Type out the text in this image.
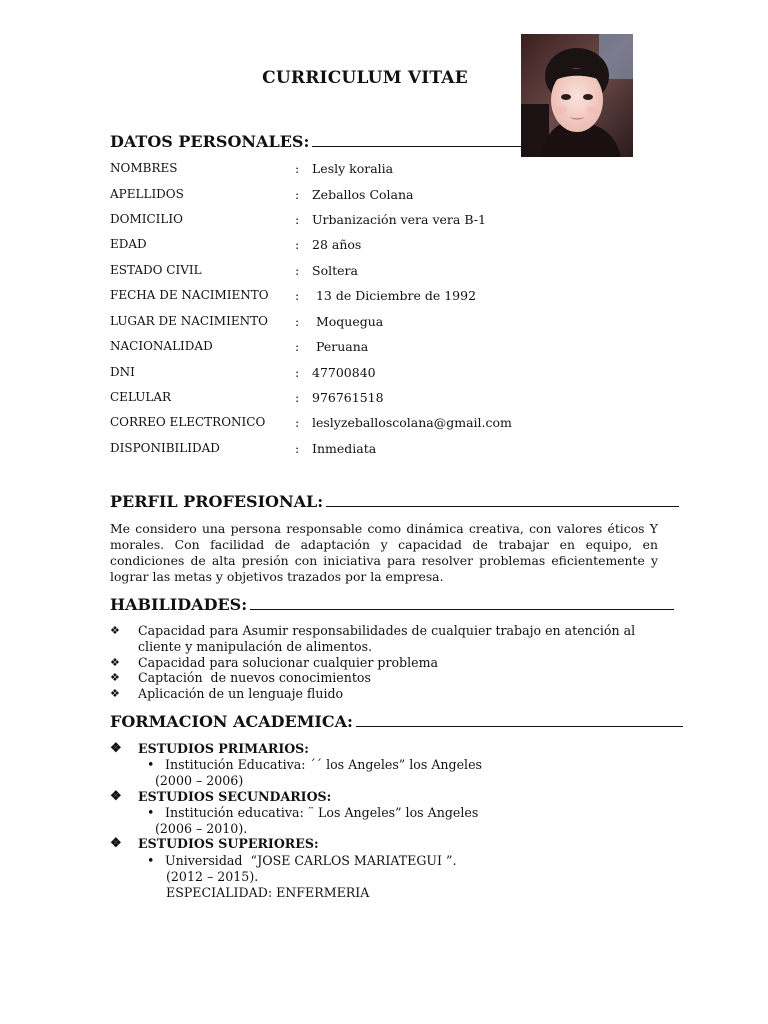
CURRICULUM VITAE
DATOS PERSONALES:
NOMBRES	: Lesly koralia
APELLIDOS	: Zeballos Colana
DOMICILIO	: Urbanización vera vera B-1
EDAD	: 28 años
ESTADO CIVIL	: Soltera
FECHA DE NACIMIENTO : 13 de Diciembre de 1992
LUGAR DE NACIMIENTO : Moquegua
NACIONALIDAD	: Peruana
DNI	: 47700840
CELULAR	: 976761518
CORREO ELECTRONICO : leslyzeballoscolana@gmail.com
DISPONIBILIDAD	: Inmediata
PERFIL PROFESIONAL:
Me considero una persona responsable como dinámica creativa, con valores éticos Y morales. Con facilidad de adaptación y capacidad de trabajar en equipo, en condiciones de alta presión con iniciativa para resolver problemas eficientemente y lograr las metas y objetivos trazados por la empresa.
HABILIDADES:
❖ Capacidad para Asumir responsabilidades de cualquier trabajo en atención al cliente y manipulación de alimentos.
❖ Capacidad para solucionar cualquier problema
❖ Captación  de nuevos conocimientos
❖ Aplicación de un lenguaje fluido
FORMACION ACADEMICA:
❖ ESTUDIOS PRIMARIOS:
• Institución Educativa: ´´ los Angeles” los Angeles
(2000 – 2006)
❖ ESTUDIOS SECUNDARIOS:
• Institución educativa: ¨ Los Angeles” los Angeles
(2006 – 2010).
❖ ESTUDIOS SUPERIORES:
• Universidad  “JOSE CARLOS MARIATEGUI ”.
(2012 – 2015).
ESPECIALIDAD: ENFERMERIA
